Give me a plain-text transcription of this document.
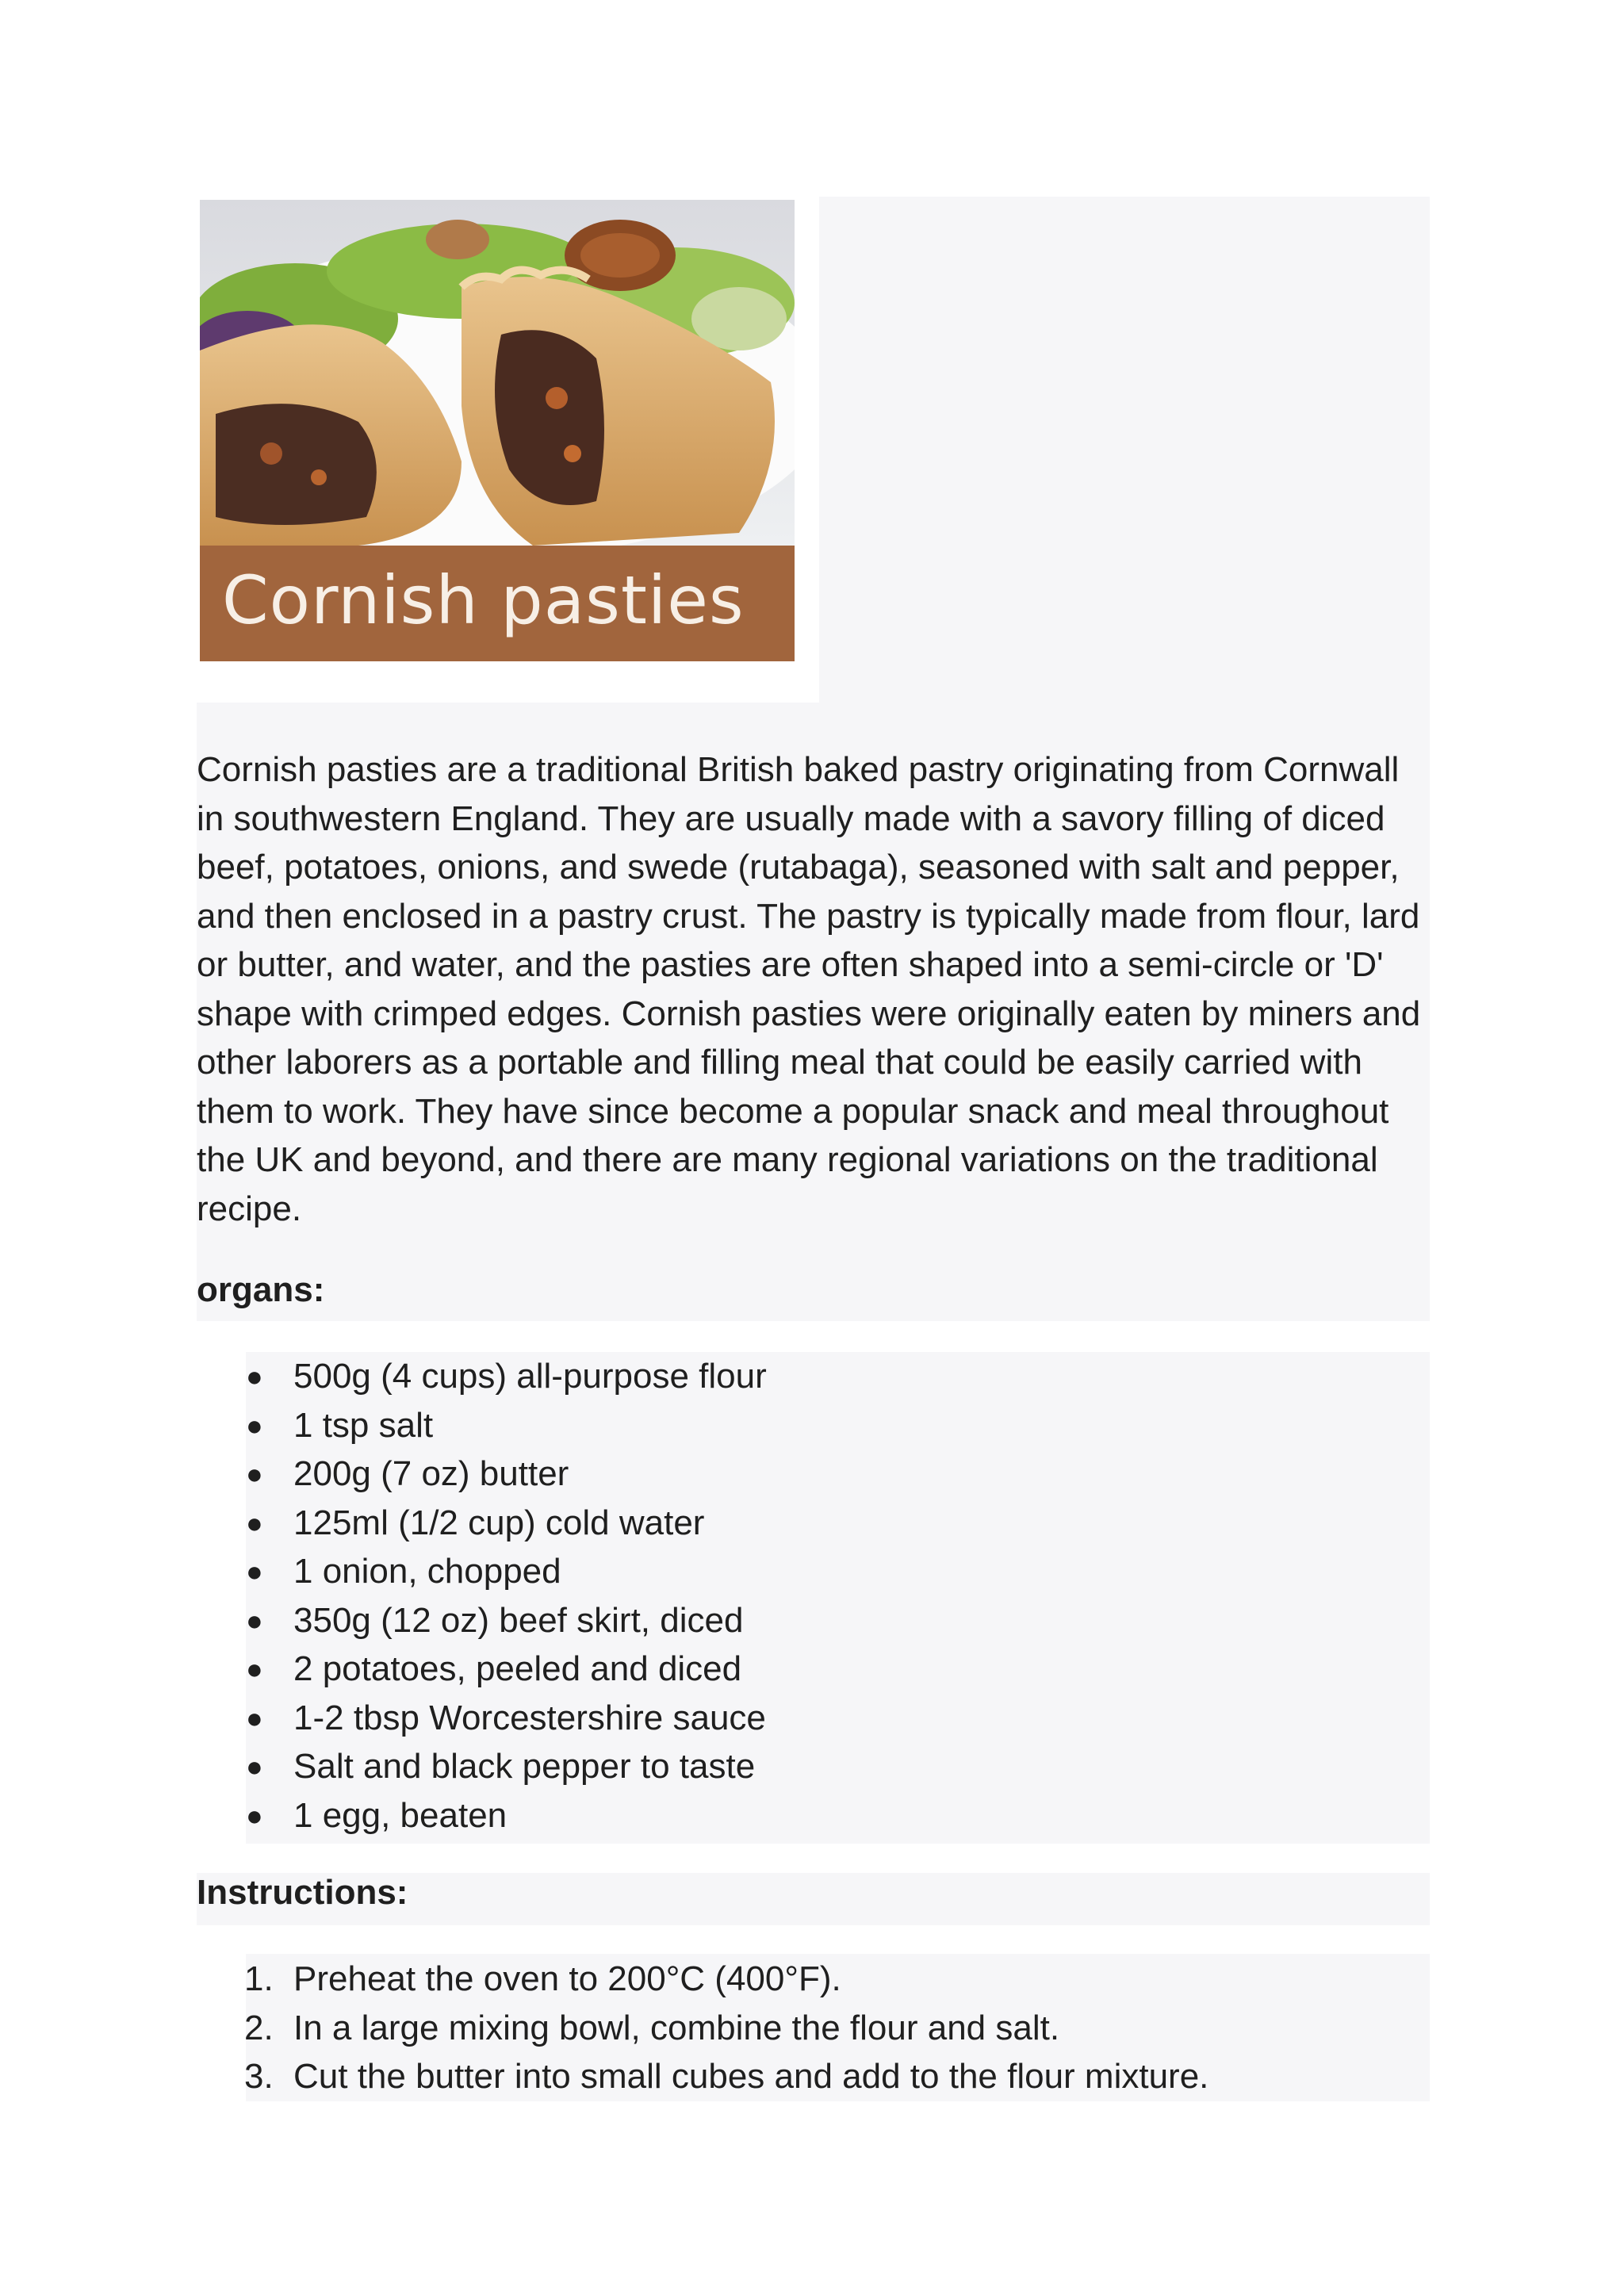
Cornish pasties

Cornish pasties are a traditional British baked pastry originating from Cornwall in southwestern England. They are usually made with a savory filling of diced beef, potatoes, onions, and swede (rutabaga), seasoned with salt and pepper, and then enclosed in a pastry crust. The pastry is typically made from flour, lard or butter, and water, and the pasties are often shaped into a semi-circle or 'D' shape with crimped edges. Cornish pasties were originally eaten by miners and other laborers as a portable and filling meal that could be easily carried with them to work. They have since become a popular snack and meal throughout the UK and beyond, and there are many regional variations on the traditional recipe.

organs:
● 500g (4 cups) all-purpose flour
● 1 tsp salt
● 200g (7 oz) butter
● 125ml (1/2 cup) cold water
● 1 onion, chopped
● 350g (12 oz) beef skirt, diced
● 2 potatoes, peeled and diced
● 1-2 tbsp Worcestershire sauce
● Salt and black pepper to taste
● 1 egg, beaten
Instructions:
1. Preheat the oven to 200°C (400°F).
2. In a large mixing bowl, combine the flour and salt.
3. Cut the butter into small cubes and add to the flour mixture.
